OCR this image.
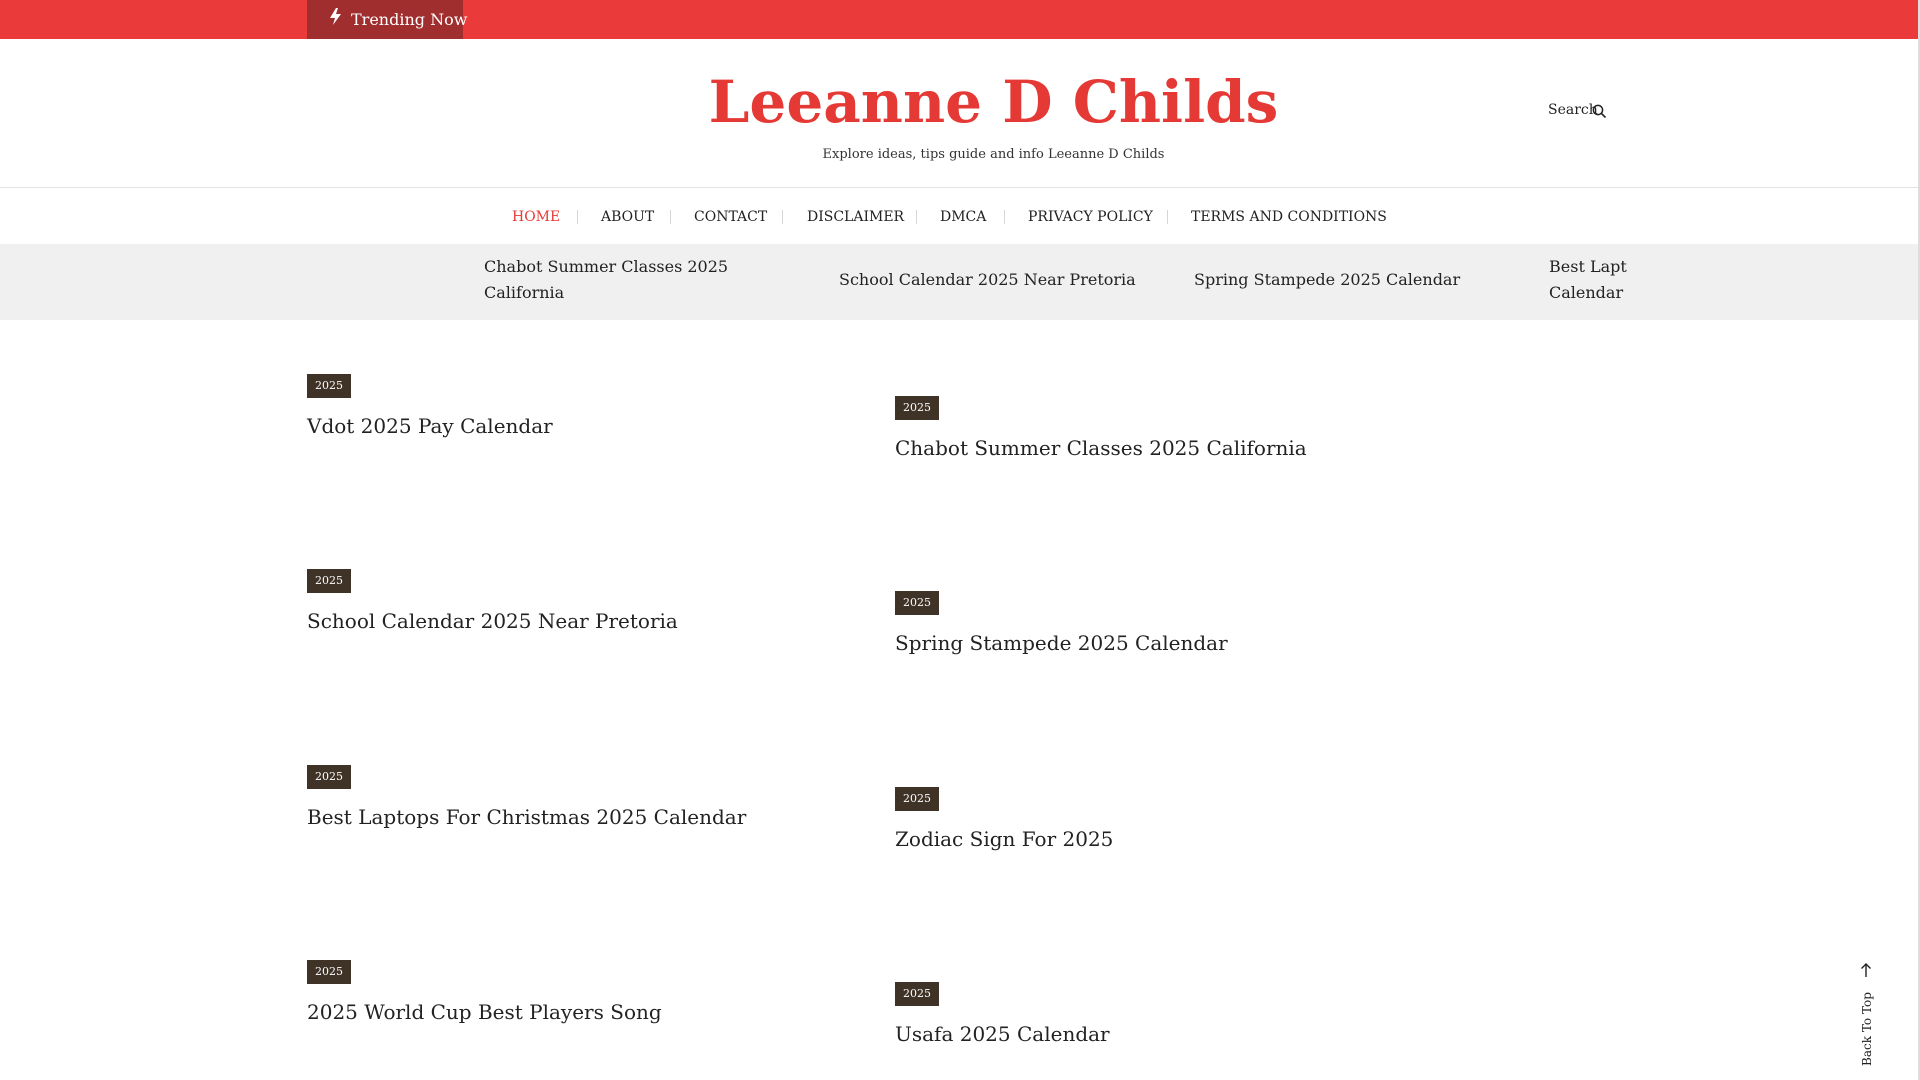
Trending Now
Leeanne D Childs
Explore ideas, tips guide and info Leeanne D Childs
Search
HOME	ABOUT	CONTACT	DISCLAIMER	DMCA	PRIVACY POLICY	TERMS AND CONDITIONS
Chabot Summer Classes 2025
California
School Calendar 2025 Near Pretoria	Spring Stampede 2025 Calendar
Best Lapt
Calendar
2025
Vdot 2025 Pay Calendar
2025
Chabot Summer Classes 2025 California
2025
School Calendar 2025 Near Pretoria
2025
Spring Stampede 2025 Calendar
2025
Best Laptops For Christmas 2025 Calendar
2025
Zodiac Sign For 2025
2025
2025 World Cup Best Players Song
2025
Usafa 2025 Calendar	Back To Top
